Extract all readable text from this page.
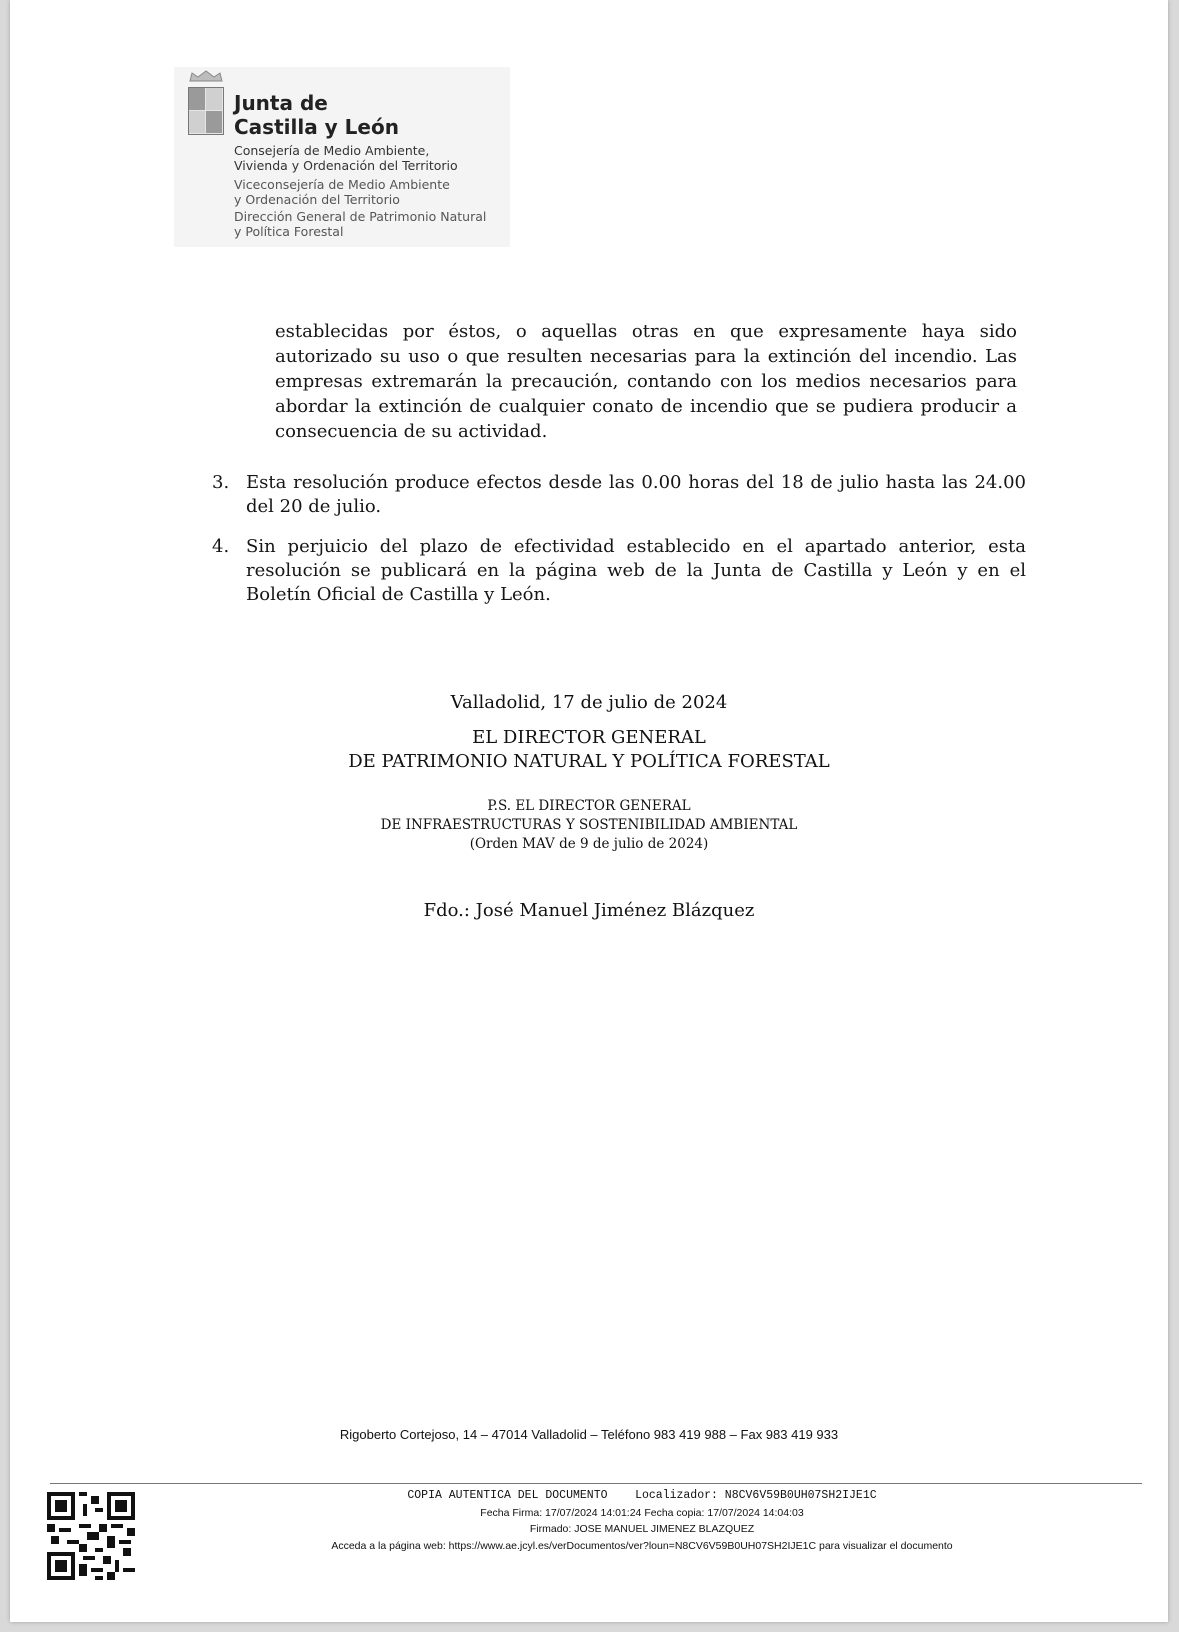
Junta de
Castilla y León
Consejería de Medio Ambiente,
Vivienda y Ordenación del Territorio
Viceconsejería de Medio Ambiente
y Ordenación del Territorio
Dirección General de Patrimonio Natural
y Política Forestal
establecidas por éstos, o aquellas otras en que expresamente haya sido autorizado su uso o que resulten necesarias para la extinción del incendio. Las empresas extremarán la precaución, contando con los medios necesarios para abordar la extinción de cualquier conato de incendio que se pudiera producir a consecuencia de su actividad.
3. Esta resolución produce efectos desde las 0.00 horas del 18 de julio hasta las 24.00 del 20 de julio.
4. Sin perjuicio del plazo de efectividad establecido en el apartado anterior, esta resolución se publicará en la página web de la Junta de Castilla y León y en el Boletín Oficial de Castilla y León.
Valladolid, 17 de julio de 2024
EL DIRECTOR GENERAL
DE PATRIMONIO NATURAL Y POLÍTICA FORESTAL
P.S. EL DIRECTOR GENERAL
DE INFRAESTRUCTURAS Y SOSTENIBILIDAD AMBIENTAL
(Orden MAV de 9 de julio de 2024)
Fdo.: José Manuel Jiménez Blázquez
Rigoberto Cortejoso, 14 – 47014 Valladolid – Teléfono 983 419 988 – Fax 983 419 933
COPIA AUTENTICA DEL DOCUMENTO    Localizador: N8CV6V59B0UH07SH2IJE1C
Fecha Firma: 17/07/2024 14:01:24 Fecha copia: 17/07/2024 14:04:03
Firmado: JOSE MANUEL JIMENEZ BLAZQUEZ
Acceda a la página web: https://www.ae.jcyl.es/verDocumentos/ver?loun=N8CV6V59B0UH07SH2IJE1C para visualizar el documento
